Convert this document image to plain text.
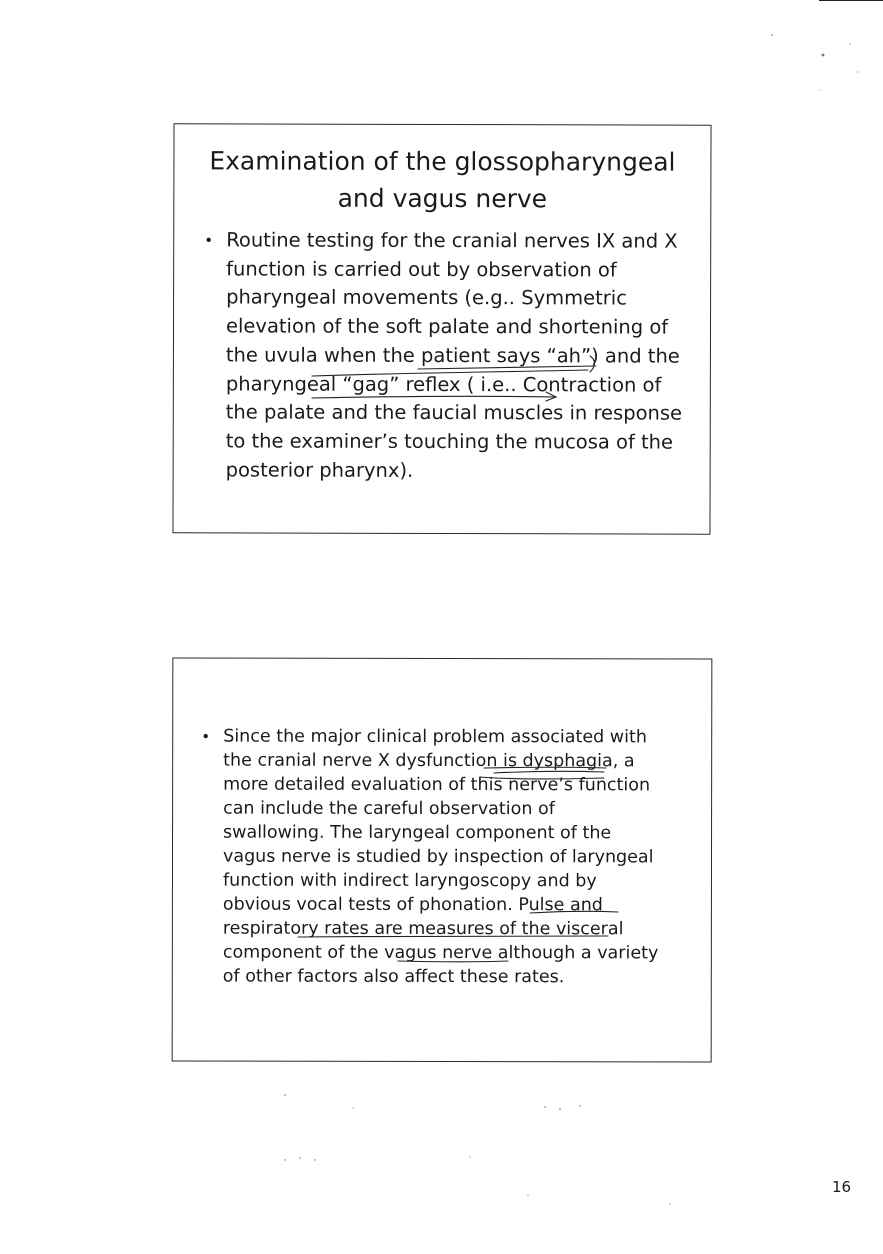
Examination of the glossopharyngeal
and vagus nerve
• Routine testing for the cranial nerves IX and X
function is carried out by observation of
pharyngeal movements (e.g.. Symmetric
elevation of the soft palate and shortening of
the uvula when the patient says “ah”) and the
pharyngeal “gag” reflex ( i.e.. Contraction of
the palate and the faucial muscles in response
to the examiner’s touching the mucosa of the
posterior pharynx).
• Since the major clinical problem associated with
the cranial nerve X dysfunction is dysphagia, a
more detailed evaluation of this nerve’s function
can include the careful observation of
swallowing. The laryngeal component of the
vagus nerve is studied by inspection of laryngeal
function with indirect laryngoscopy and by
obvious vocal tests of phonation. Pulse and
respiratory rates are measures of the visceral
component of the vagus nerve although a variety
of other factors also affect these rates.
16
